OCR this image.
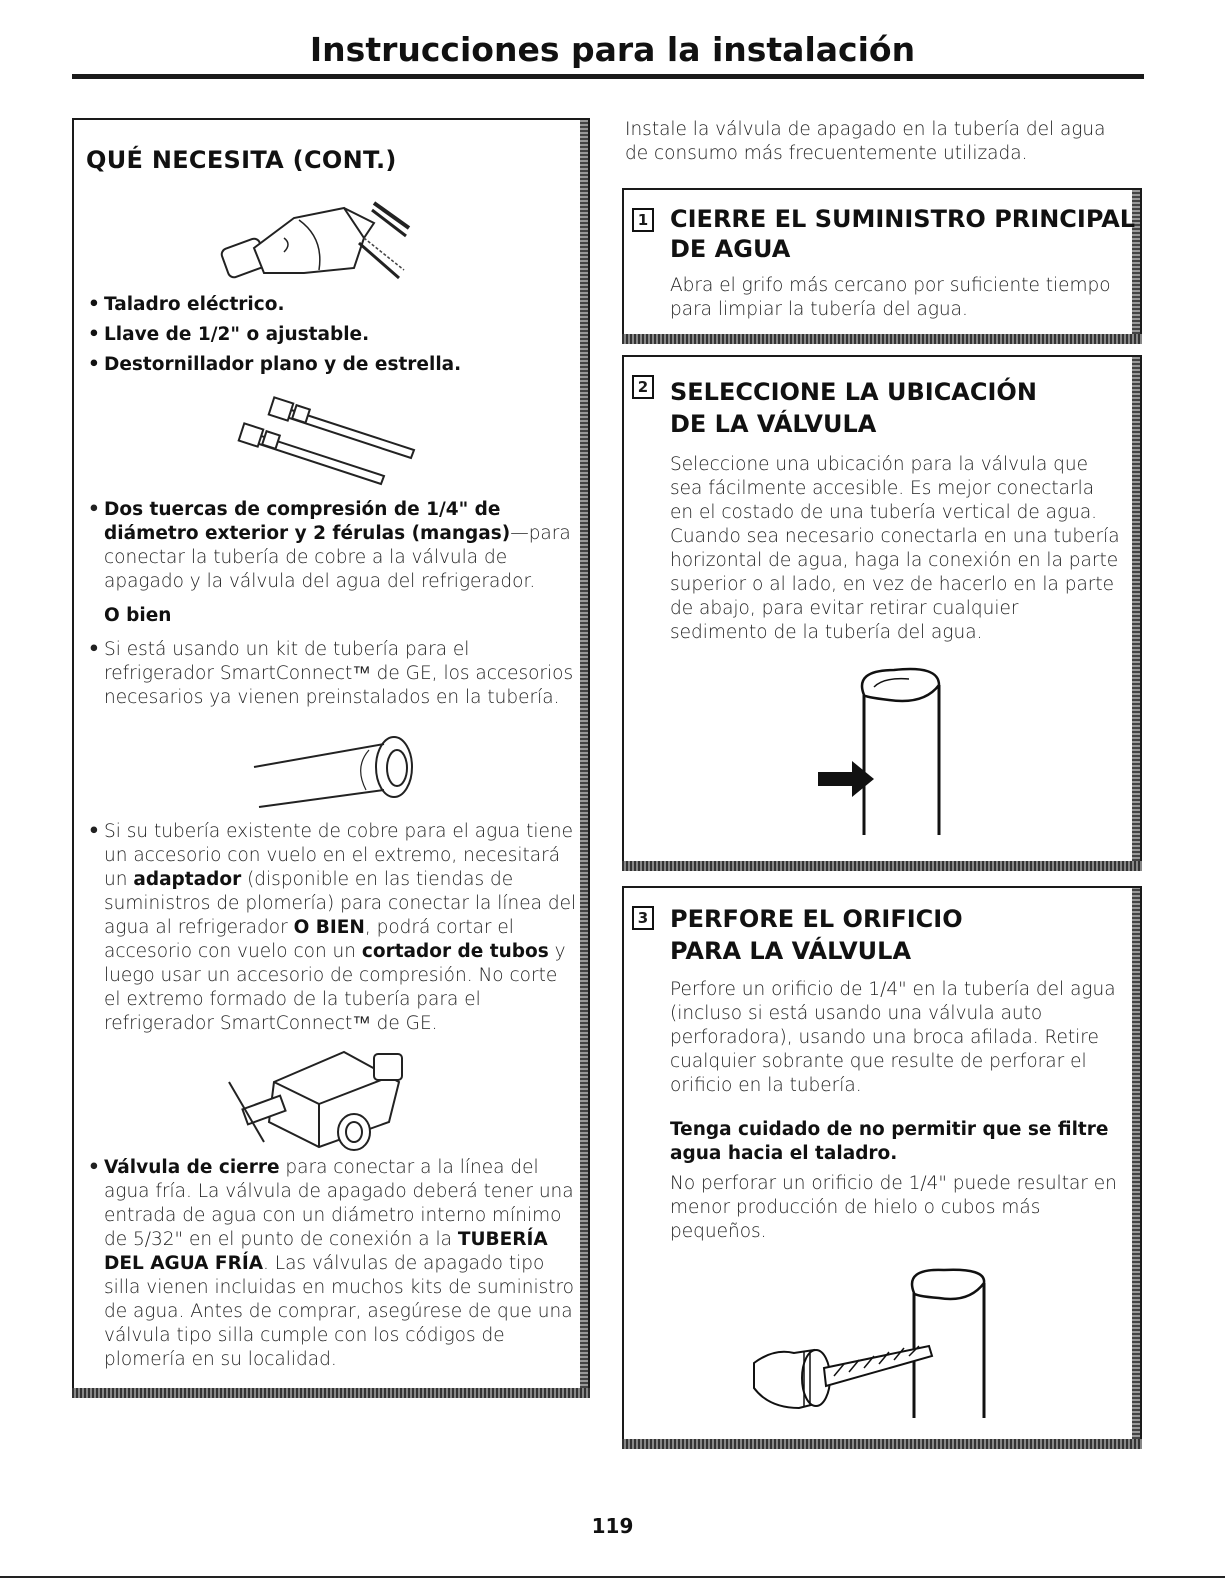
Instrucciones para la instalación
QUÉ NECESITA (CONT.)
• Taladro eléctrico.
• Llave de 1/2" o ajustable.
• Destornillador plano y de estrella.
• Dos tuercas de compresión de 1/4" de diámetro exterior y 2 férulas (mangas)—para conectar la tubería de cobre a la válvula de apagado y la válvula del agua del refrigerador.
O bien
• Si está usando un kit de tubería para el refrigerador SmartConnect™ de GE, los accesorios necesarios ya vienen preinstalados en la tubería.
• Si su tubería existente de cobre para el agua tiene un accesorio con vuelo en el extremo, necesitará un adaptador (disponible en las tiendas de suministros de plomería) para conectar la línea del agua al refrigerador O BIEN, podrá cortar el accesorio con vuelo con un cortador de tubos y luego usar un accesorio de compresión. No corte el extremo formado de la tubería para el refrigerador SmartConnect™ de GE.
• Válvula de cierre para conectar a la línea del agua fría. La válvula de apagado deberá tener una entrada de agua con un diámetro interno mínimo de 5/32" en el punto de conexión a la TUBERÍA DEL AGUA FRÍA. Las válvulas de apagado tipo silla vienen incluidas en muchos kits de suministro de agua. Antes de comprar, asegúrese de que una válvula tipo silla cumple con los códigos de plomería en su localidad.
Instale la válvula de apagado en la tubería del agua de consumo más frecuentemente utilizada.
1 CIERRE EL SUMINISTRO PRINCIPAL
DE AGUA
Abra el grifo más cercano por suficiente tiempo para limpiar la tubería del agua.
2 SELECCIONE LA UBICACIÓN
DE LA VÁLVULA
Seleccione una ubicación para la válvula que sea fácilmente accesible. Es mejor conectarla en el costado de una tubería vertical de agua. Cuando sea necesario conectarla en una tubería horizontal de agua, haga la conexión en la parte superior o al lado, en vez de hacerlo en la parte de abajo, para evitar retirar cualquier sedimento de la tubería del agua.
3 PERFORE EL ORIFICIO
PARA LA VÁLVULA
Perfore un orificio de 1/4" en la tubería del agua (incluso si está usando una válvula auto perforadora), usando una broca afilada. Retire cualquier sobrante que resulte de perforar el orificio en la tubería.
Tenga cuidado de no permitir que se filtre agua hacia el taladro.
No perforar un orificio de 1/4" puede resultar en menor producción de hielo o cubos más pequeños.
119
